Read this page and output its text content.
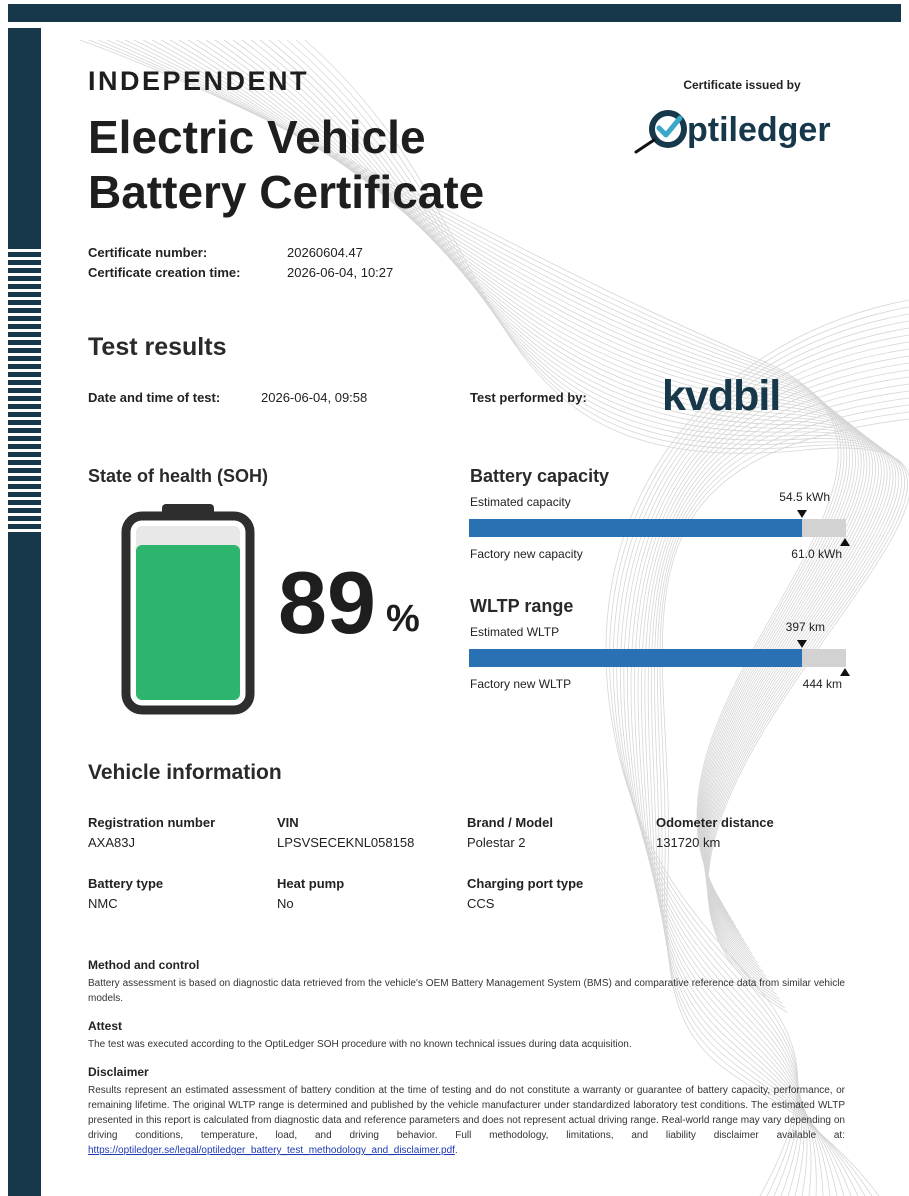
INDEPENDENT
Electric Vehicle
Battery Certificate
Certificate issued by
ptiledger
Certificate number:	20260604.47
Certificate creation time:	2026-06-04, 10:27
Test results
Date and time of test:	2026-06-04, 09:58	Test performed by: kvdbil
State of health (SOH)
89 %
Battery capacity
Estimated capacity	54.5 kWh
Factory new capacity	61.0 kWh
WLTP range
Estimated WLTP	397 km
Factory new WLTP	444 km
Vehicle information
Registration number
AXA83J
VIN
LPSVSECEKNL058158
Brand / Model
Polestar 2
Odometer distance
131720 km
Battery type
NMC
Heat pump
No
Charging port type
CCS
Method and control
Battery assessment is based on diagnostic data retrieved from the vehicle's OEM Battery Management System (BMS) and comparative reference data from similar vehicle models.
Attest
The test was executed according to the OptiLedger SOH procedure with no known technical issues during data acquisition.
Disclaimer
Results represent an estimated assessment of battery condition at the time of testing and do not constitute a warranty or guarantee of battery capacity, performance, or remaining lifetime. The original WLTP range is determined and published by the vehicle manufacturer under standardized laboratory test conditions. The estimated WLTP presented in this report is calculated from diagnostic data and reference parameters and does not represent actual driving range. Real-world range may vary depending on driving conditions, temperature, load, and driving behavior. Full methodology, limitations, and liability disclaimer available at: https://optiledger.se/legal/optiledger_battery_test_methodology_and_disclaimer.pdf.
